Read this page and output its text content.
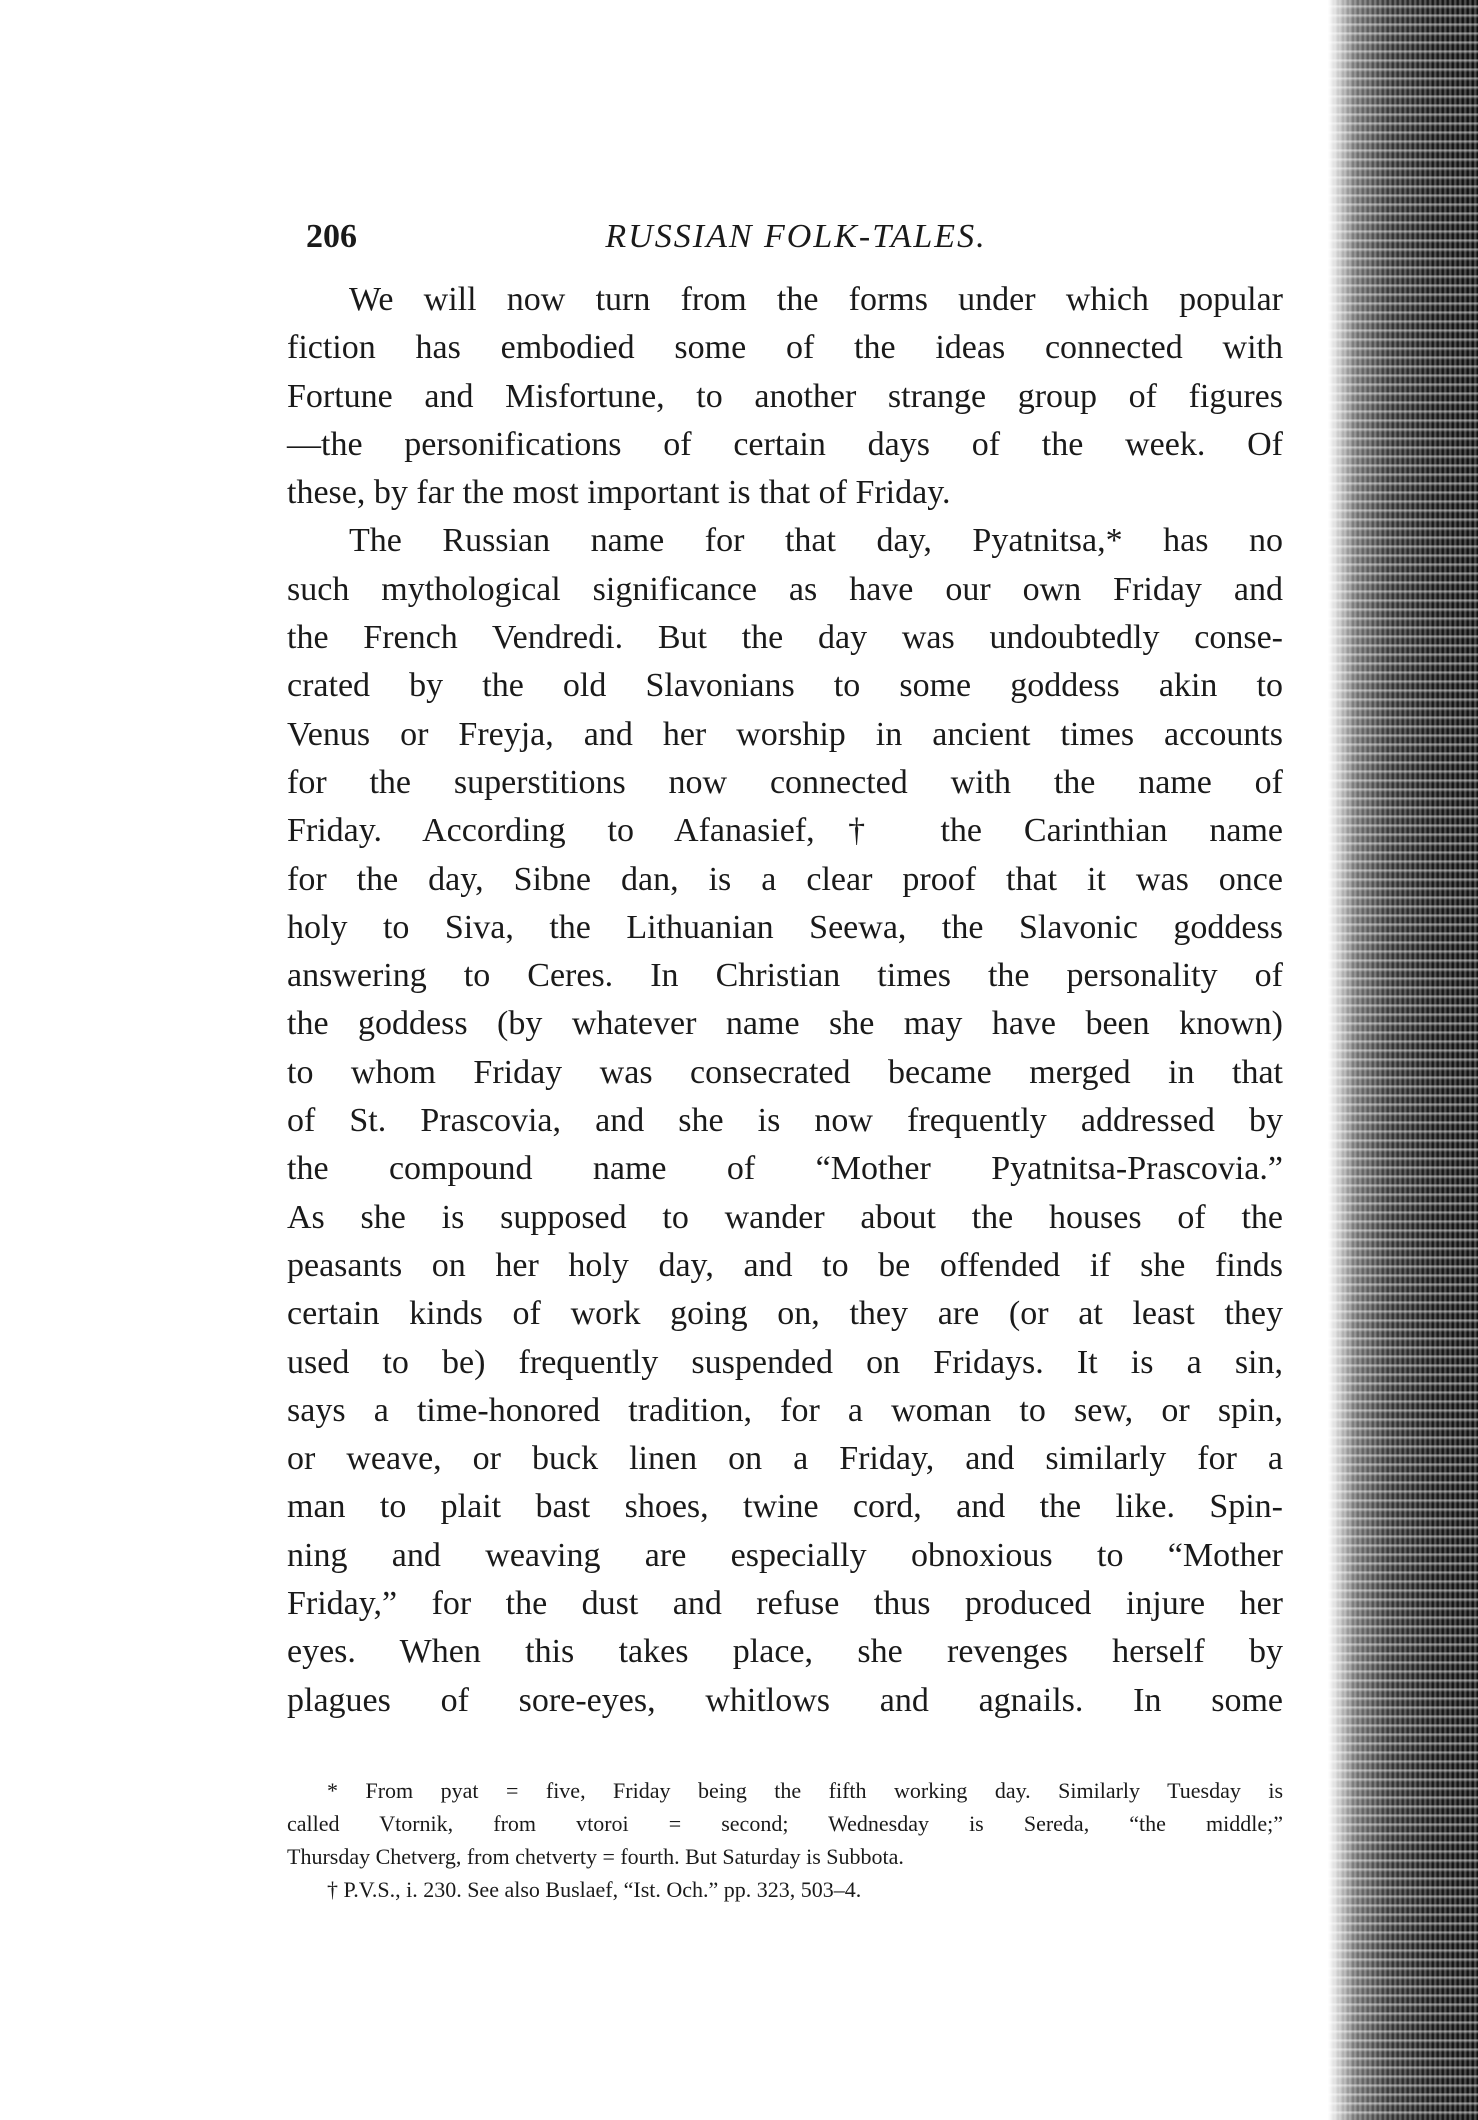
206	RUSSIAN FOLK-TALES.
We will now turn from the forms under which popular
fiction has embodied some of the ideas connected with
Fortune and Misfortune, to another strange group of figures
—the personifications of certain days of the week. Of
these, by far the most important is that of Friday.
The Russian name for that day, Pyatnitsa,* has no
such mythological significance as have our own Friday and
the French Vendredi. But the day was undoubtedly conse-
crated by the old Slavonians to some goddess akin to
Venus or Freyja, and her worship in ancient times accounts
for the superstitions now connected with the name of
Friday. According to Afanasief,† the Carinthian name
for the day, Sibne dan, is a clear proof that it was once
holy to Siva, the Lithuanian Seewa, the Slavonic goddess
answering to Ceres. In Christian times the personality of
the goddess (by whatever name she may have been known)
to whom Friday was consecrated became merged in that
of St. Prascovia, and she is now frequently addressed by
the compound name of “Mother Pyatnitsa-Prascovia.”
As she is supposed to wander about the houses of the
peasants on her holy day, and to be offended if she finds
certain kinds of work going on, they are (or at least they
used to be) frequently suspended on Fridays. It is a sin,
says a time-honored tradition, for a woman to sew, or spin,
or weave, or buck linen on a Friday, and similarly for a
man to plait bast shoes, twine cord, and the like. Spin-
ning and weaving are especially obnoxious to “Mother
Friday,” for the dust and refuse thus produced injure her
eyes. When this takes place, she revenges herself by
plagues of sore-eyes, whitlows and agnails. In some
* From pyat = five, Friday being the fifth working day. Similarly Tuesday is
called Vtornik, from vtoroi = second; Wednesday is Sereda, “the middle;”
Thursday Chetverg, from chetverty = fourth. But Saturday is Subbota.
† P.V.S., i. 230. See also Buslaef, “Ist. Och.” pp. 323, 503–4.
